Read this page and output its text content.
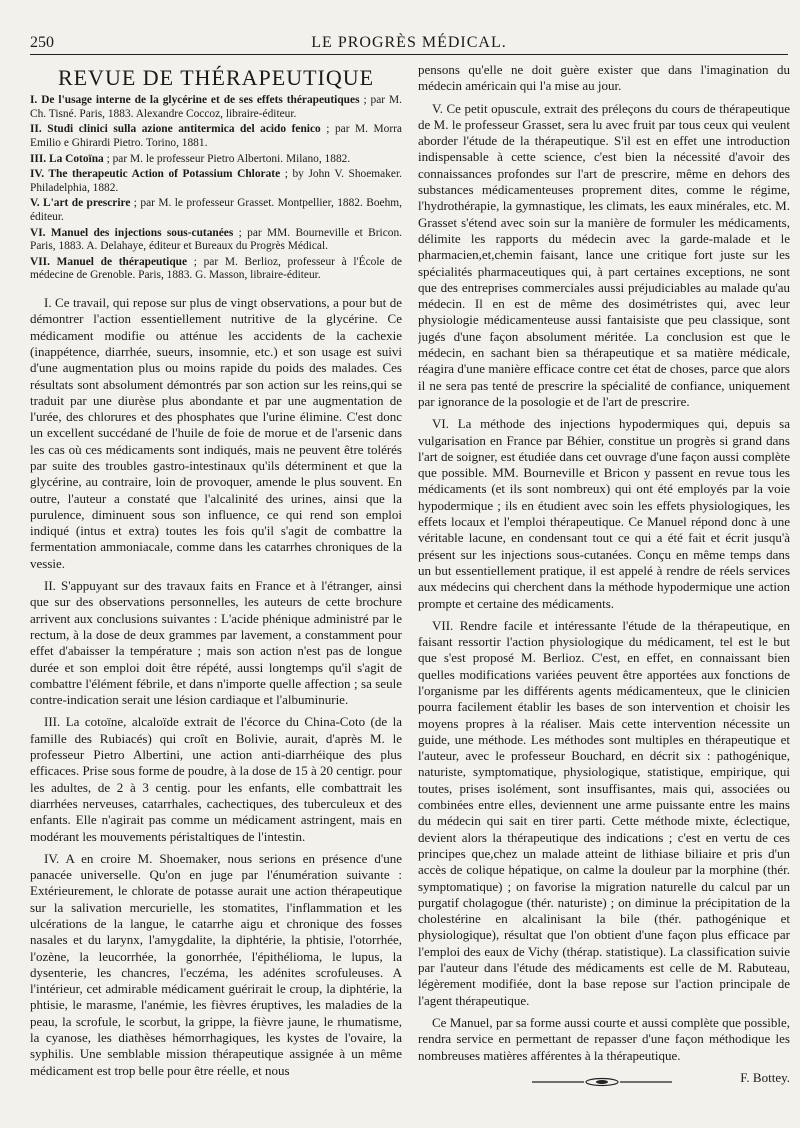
250	LE PROGRÈS MÉDICAL.
REVUE DE THÉRAPEUTIQUE
I. De l'usage interne de la glycérine et de ses effets thérapeutiques ; par M. Ch. Tisné. Paris, 1883. Alexandre Coccoz, libraire-éditeur.
II. Studi clinici sulla azione antitermica del acido fenico ; par M. Morra Emilio e Ghirardi Pietro. Torino, 1881.
III. La Cotoïna ; par M. le professeur Pietro Albertoni. Milano, 1882.
IV. The therapeutic Action of Potassium Chlorate ; by John V. Shoemaker. Philadelphia, 1882.
V. L'art de prescrire ; par M. le professeur Grasset. Montpellier, 1882. Boehm, éditeur.
VI. Manuel des injections sous-cutanées ; par MM. Bourneville et Bricon. Paris, 1883. A. Delahaye, éditeur et Bureaux du Progrès Médical.
VII. Manuel de thérapeutique ; par M. Berlioz, professeur à l'École de médecine de Grenoble. Paris, 1883. G. Masson, libraire-éditeur.

I. Ce travail, qui repose sur plus de vingt observations, a pour but de démontrer l'action essentiellement nutritive de la glycérine. Ce médicament modifie ou atténue les accidents de la cachexie (inappétence, diarrhée, sueurs, insomnie, etc.) et son usage est suivi d'une augmentation plus ou moins rapide du poids des malades. Ces résultats sont absolument démontrés par son action sur les reins,qui se traduit par une diurèse plus abondante et par une augmentation de l'urée, des chlorures et des phosphates que l'urine élimine. C'est donc un excellent succédané de l'huile de foie de morue et de l'arsenic dans les cas où ces médicaments sont indiqués, mais ne peuvent être tolérés par suite des troubles gastro-intestinaux qu'ils déterminent et que la glycérine, au contraire, loin de provoquer, amende le plus souvent. En outre, l'auteur a constaté que l'alcalinité des urines, ainsi que la purulence, diminuent sous son influence, ce qui rend son emploi indiqué (intus et extra) toutes les fois qu'il s'agit de combattre la fermentation ammoniacale, comme dans les catarrhes chroniques de la vessie.

II. S'appuyant sur des travaux faits en France et à l'étranger, ainsi que sur des observations personnelles, les auteurs de cette brochure arrivent aux conclusions suivantes : L'acide phénique administré par le rectum, à la dose de deux grammes par lavement, a constamment pour effet d'abaisser la température ; mais son action n'est pas de longue durée et son emploi doit être répété, aussi longtemps qu'il s'agit de combattre l'élément fébrile, et dans n'importe quelle affection ; sa seule contre-indication serait une lésion cardiaque et l'albuminurie.

III. La cotoïne, alcaloïde extrait de l'écorce du China-Coto (de la famille des Rubiacés) qui croît en Bolivie, aurait, d'après M. le professeur Pietro Albertini, une action anti-diarrhéique des plus efficaces. Prise sous forme de poudre, à la dose de 15 à 20 centigr. pour les adultes, de 2 à 3 centig. pour les enfants, elle combattrait les diarrhées nerveuses, catarrhales, cachectiques, des tuberculeux et des enfants. Elle n'agirait pas comme un médicament astringent, mais en modérant les mouvements péristaltiques de l'intestin.

IV. A en croire M. Shoemaker, nous serions en présence d'une panacée universelle. Qu'on en juge par l'énumération suivante : Extérieurement, le chlorate de potasse aurait une action thérapeutique sur la salivation mercurielle, les stomatites, l'inflammation et les ulcérations de la langue, le catarrhe aigu et chronique des fosses nasales et du larynx, l'amygdalite, la diphtérie, la phtisie, l'otorrhée, l'ozène, la leucorrhée, la gonorrhée, l'épithélioma, le lupus, la dysenterie, les chancres, l'eczéma, les adénites scrofuleuses. A l'intérieur, cet admirable médicament guérirait le croup, la diphtérie, la phtisie, le marasme, l'anémie, les fièvres éruptives, les maladies de la peau, la scrofule, le scorbut, la grippe, la fièvre jaune, le rhumatisme, la cyanose, les diathèses hémorrhagiques, les kystes de l'ovaire, la syphilis. Une semblable mission thérapeutique assignée à un même médicament est trop belle pour être réelle, et nous

pensons qu'elle ne doit guère exister que dans l'imagination du médecin américain qui l'a mise au jour.

V. Ce petit opuscule, extrait des préleçons du cours de thérapeutique de M. le professeur Grasset, sera lu avec fruit par tous ceux qui veulent aborder l'étude de la thérapeutique. S'il est en effet une introduction indispensable à cette science, c'est bien la nécessité d'avoir des connaissances profondes sur l'art de prescrire, même en dehors des substances médicamenteuses proprement dites, comme le régime, l'hydrothérapie, la gymnastique, les climats, les eaux minérales, etc. M. Grasset s'étend avec soin sur la manière de formuler les médicaments, délimite les rapports du médecin avec la garde-malade et le pharmacien,et,chemin faisant, lance une critique fort juste sur les spécialités pharmaceutiques qui, à part certaines exceptions, ne sont que des entreprises commerciales aussi préjudiciables au malade qu'au médecin. Il en est de même des dosimétristes qui, avec leur physiologie médicamenteuse aussi fantaisiste que peu classique, sont jugés d'une façon absolument méritée. La conclusion est que le médecin, en sachant bien sa thérapeutique et sa matière médicale, réagira d'une manière efficace contre cet état de choses, parce que alors il ne sera pas tenté de prescrire la spécialité de confiance, uniquement par ignorance de la posologie et de l'art de prescrire.

VI. La méthode des injections hypodermiques qui, depuis sa vulgarisation en France par Béhier, constitue un progrès si grand dans l'art de soigner, est étudiée dans cet ouvrage d'une façon aussi complète que possible. MM. Bourneville et Bricon y passent en revue tous les médicaments (et ils sont nombreux) qui ont été employés par la voie hypodermique ; ils en étudient avec soin les effets physiologiques, les effets locaux et l'emploi thérapeutique. Ce Manuel répond donc à une véritable lacune, en condensant tout ce qui a été fait et écrit jusqu'à présent sur les injections sous-cutanées. Conçu en même temps dans un but essentiellement pratique, il est appelé à rendre de réels services aux médecins qui cherchent dans la méthode hypodermique une action prompte et certaine des médicaments.

VII. Rendre facile et intéressante l'étude de la thérapeutique, en faisant ressortir l'action physiologique du médicament, tel est le but que s'est proposé M. Berlioz. C'est, en effet, en connaissant bien quelles modifications variées peuvent être apportées aux fonctions de l'organisme par les différents agents médicamenteux, que le clinicien pourra facilement établir les bases de son intervention et choisir les moyens propres à la réaliser. Mais cette intervention nécessite un guide, une méthode. Les méthodes sont multiples en thérapeutique et l'auteur, avec le professeur Bouchard, en décrit six : pathogénique, naturiste, symptomatique, physiologique, statistique, empirique, qui toutes, prises isolément, sont insuffisantes, mais qui, associées ou combinées entre elles, deviennent une arme puissante entre les mains du médecin qui sait en tirer parti. Cette méthode mixte, éclectique, devient alors la thérapeutique des indications ; c'est en vertu de ces principes que,chez un malade atteint de lithiase biliaire et pris d'un accès de colique hépatique, on calme la douleur par la morphine (thér. symptomatique) ; on favorise la migration naturelle du calcul par un purgatif cholagogue (thér. naturiste) ; on diminue la précipitation de la cholestérine en alcalinisant la bile (thér. pathogénique et physiologique), résultat que l'on obtient d'une façon plus efficace par l'emploi des eaux de Vichy (thérap. statistique). La classification suivie par l'auteur dans l'étude des médicaments est celle de M. Rabuteau, légèrement modifiée, dont la base repose sur l'action principale de l'agent thérapeutique.

Ce Manuel, par sa forme aussi courte et aussi complète que possible, rendra service en permettant de repasser d'une façon méthodique les nombreuses matières afférentes à la thérapeutique.

F. Bottey.
